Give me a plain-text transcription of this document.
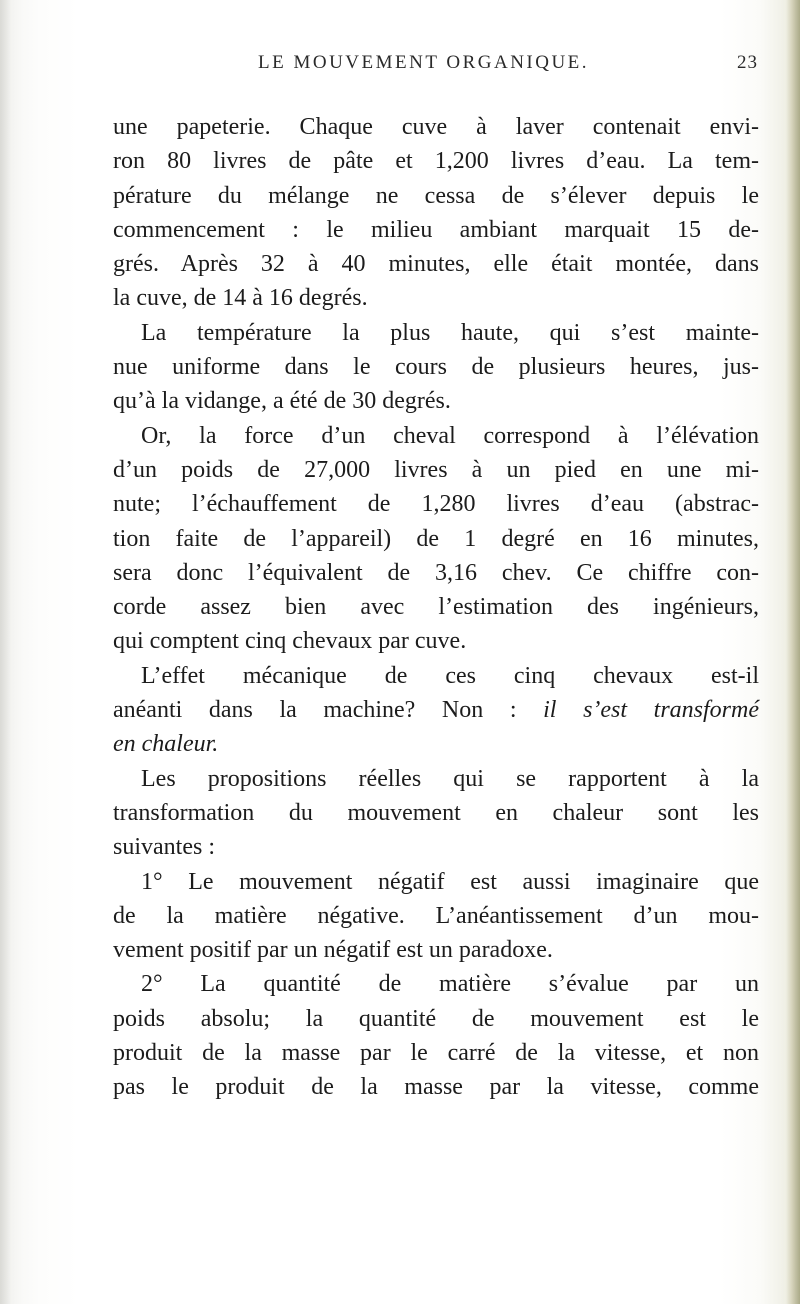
LE MOUVEMENT ORGANIQUE.	23
une papeterie. Chaque cuve à laver contenait envi-
ron 80 livres de pâte et 1,200 livres d’eau. La tem-
pérature du mélange ne cessa de s’élever depuis le
commencement : le milieu ambiant marquait 15 de-
grés. Après 32 à 40 minutes, elle était montée, dans
la cuve, de 14 à 16 degrés.
La température la plus haute, qui s’est mainte-
nue uniforme dans le cours de plusieurs heures, jus-
qu’à la vidange, a été de 30 degrés.
Or, la force d’un cheval correspond à l’élévation
d’un poids de 27,000 livres à un pied en une mi-
nute; l’échauffement de 1,280 livres d’eau (abstrac-
tion faite de l’appareil) de 1 degré en 16 minutes,
sera donc l’équivalent de 3,16 chev. Ce chiffre con-
corde assez bien avec l’estimation des ingénieurs,
qui comptent cinq chevaux par cuve.
L’effet mécanique de ces cinq chevaux est-il
anéanti dans la machine? Non : il s’est transformé
en chaleur.
Les propositions réelles qui se rapportent à la
transformation du mouvement en chaleur sont les
suivantes :
1° Le mouvement négatif est aussi imaginaire que
de la matière négative. L’anéantissement d’un mou-
vement positif par un négatif est un paradoxe.
2° La quantité de matière s’évalue par un
poids absolu; la quantité de mouvement est le
produit de la masse par le carré de la vitesse, et non
pas le produit de la masse par la vitesse, comme
